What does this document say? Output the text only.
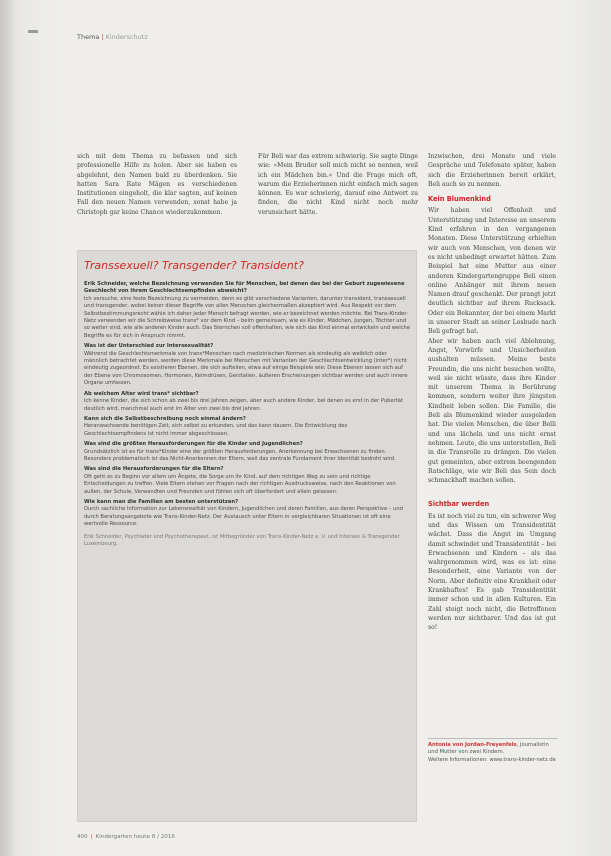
Thema | Kinderschutz

sich mit dem Thema zu befassen und sich professionelle Hilfe zu holen. Aber sie haben es abgelehnt, den Namen bald zu überdenken. Sie hatten Sara Rate Mägen es verschiedenen Institutionen eingeholt, die klar sagten, auf keinen Fall den neuen Namen verwenden, sonst habe ja Christoph gar keine Chance wiederzukommen.

Für Beli war das extrem schwierig. Sie sagte Dinge wie: »Mein Bruder soll mich nicht so nennen, weil ich ein Mädchen bin.« Und die Frage mich oft, warum die Erzieherinnen nicht einfach mich sagen können. Es war schwierig, darauf eine Antwort zu finden, die nicht Kind nicht noch mehr verunsichert hätte.

Inzwischen, drei Monate und viele Gespräche und Telefonate später, haben sich die Erzieherinnen bereit erklärt, Beli auch so zu nennen.

Kein Blumenkind

Wir haben viel Offenheit und Unterstützung und Interesse an unserem Kind erfahren in den vergangenen Monaten. Diese Unterstützung erhielten wir auch von Menschen, von denen wir es nicht unbedingt erwartet hätten. Zum Beispiel hat eine Mutter aus einer anderen Kindergartengruppe Beli einen online Anhänger mit ihrem neuen Namen drauf geschenkt. Der prangt jetzt deutlich sichtbar auf ihrem Rucksack. Oder ein Bekannter, der bei einem Markt in unserer Stadt an seiner Losbude nach Beli gefragt hat.

Aber wir haben auch viel Ablehnung, Angst, Vorwürfe und Unsicherheiten aushalten müssen. Meine beste Freundin, die uns nicht besuchen wollte, weil sie nicht wüsste, dass ihre Kinder mit unserem Thema in Berührung kommen, sondern weiter ihre jüngsten Kindheit leben sollen. Die Familie, die Beli als Blumenkind wieder ausgeladen hat. Die vielen Menschen, die über Belli und uns lächeln und uns nicht ernst nehmen. Leute, die uns unterstellen, Beli in die Transrolle zu drängen. Die vielen gut gemeinten, aber extrem beengenden Ratschläge, wie wir Beli das Sein doch schmackhaft machen sollen.

Sichtbar werden

Es ist noch viel zu tun, ein schwerer Weg und das Wissen um Transidentität wächst. Dass die Angst im Umgang damit schwindet und Transidentität – bei Erwachsenen und Kindern – als das wahrgenommen wird, was es ist: eine Besonderheit, eine Variante von der Norm. Aber definitiv eine Krankheit oder Krankhaftes! Es gab Transidentität immer schon und in allen Kulturen. Ein Zahl steigt noch nicht, die Betroffenen werden nur sichtbarer. Und das ist gut so!

Transsexuell? Transgender? Transident?

Erik Schneider, welche Bezeichnung verwenden Sie für Menschen, bei denen das bei der Geburt zugewiesene Geschlecht von ihrem Geschlechtsempfinden abweicht?

Ich versuche, eine feste Bezeichnung zu vermeiden, denn es gibt verschiedene Varianten, darunter transident, transsexuell und transgender, wobei keiner dieser Begriffe von allen Menschen gleichermaßen akzeptiert wird. Aus Respekt vor dem Selbstbestimmungsrecht wähle ich daher jeder Mensch befragt werden, wie er bezeichnet werden möchte. Bei Trans-Kinder-Netz verwenden wir die Schreibweise trans* vor dem Kind – beim gemeinsam, wie es Kinder, Mädchen, Jungen, Töchter und so weiter sind, wie alle anderen Kinder auch. Das Sternchen soll offenhalten, wie sich das Kind einmal entwickeln und welche Begriffe es für sich in Anspruch nimmt.

Was ist der Unterschied zur Intersexualität?

Während die Geschlechtsmerkmale von trans*Menschen nach medizinischen Normen als eindeutig als weiblich oder männlich betrachtet werden, werden diese Merkmale bei Menschen mit Varianten der Geschlechtsentwicklung (inter*) nicht eindeutig zugeordnet. Es existieren Ebenen, die sich aufteilen, etwa auf einige Beispiele wie: Diese Ebenen lassen sich auf der Ebene von Chromosomen, Hormonen, Keimdrüsen, Genitalien, äußeren Erscheinungen sichtbar werden und auch innere Organe umfassen.

Ab welchem Alter wird trans* sichtbar?

Ich kenne Kinder, die sich schon ab zwei bis drei Jahren zeigen, aber auch andere Kinder, bei denen es erst in der Pubertät deutlich wird, manchmal auch erst im Alter von zwei bis drei Jahren.

Kann sich die Selbstbeschreibung noch einmal ändern?

Heranwachsende benötigen Zeit, sich selbst zu erkunden, und das kann dauern. Die Entwicklung des Geschlechtsempfindens ist nicht immer abgeschlossen.

Was sind die größten Herausforderungen für die Kinder und Jugendlichen?

Grundsätzlich ist es für trans*Kinder eine der größten Herausforderungen, Anerkennung bei Erwachsenen zu finden. Besonders problematisch ist das Nicht-Anerkennen der Eltern, weil das zentrale Fundament ihrer Identität bedroht wird.

Was sind die Herausforderungen für die Eltern?

Oft geht es zu Beginn vor allem um Ängste, die Sorge um ihr Kind, auf dem richtigen Weg zu sein und richtige Entscheidungen zu treffen. Viele Eltern stehen vor Fragen nach der richtigen Ausdrucksweise, nach den Reaktionen von außen, der Schule, Verwandten und Freunden und fühlen sich oft überfordert und allein gelassen.

Wie kann man die Familien am besten unterstützen?

Durch sachliche Information zur Lebensrealität von Kindern, Jugendlichen und deren Familien, aus deren Perspektive – und durch Beratungsangebote wie Trans-Kinder-Netz. Der Austausch unter Eltern in vergleichbaren Situationen ist oft eine wertvolle Ressource.

Erik Schneider, Psychiater und Psychotherapeut, ist Mitbegründer von Trans-Kinder-Netz e. V. und Intersex & Transgender Luxembourg.

Antonia von Jordan-Freyenfels, Journalistin und Mutter von zwei Kindern.
Weitere Informationen: www.trans-kinder-netz.de
400 | Kindergarten heute 8 / 2016
